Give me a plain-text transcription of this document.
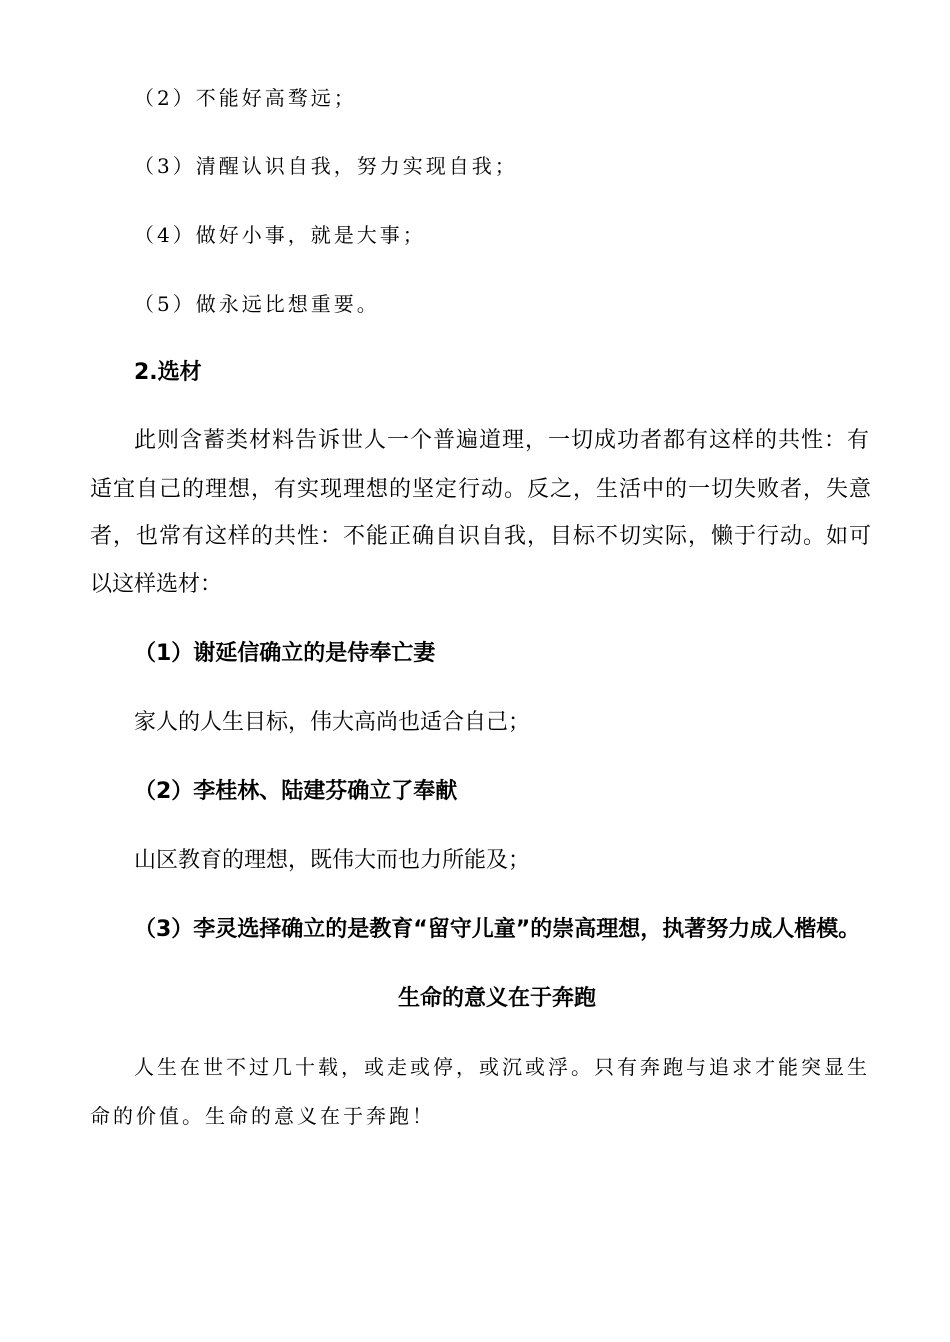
（2）不能好高骛远；
（3）清醒认识自我，努力实现自我；
（4）做好小事，就是大事；
（5）做永远比想重要。
2.选材
此则含蓄类材料告诉世人一个普遍道理，一切成功者都有这样的共性：有
适宜自己的理想，有实现理想的坚定行动。反之，生活中的一切失败者，失意
者，也常有这样的共性：不能正确自识自我，目标不切实际，懒于行动。如可
以这样选材：
（1）谢延信确立的是侍奉亡妻
家人的人生目标，伟大高尚也适合自己；
（2）李桂林、陆建芬确立了奉献
山区教育的理想，既伟大而也力所能及；
（3）李灵选择确立的是教育“留守儿童”的崇高理想，执著努力成人楷模。
生命的意义在于奔跑
人生在世不过几十载，或走或停，或沉或浮。只有奔跑与追求才能突显生
命的价值。生命的意义在于奔跑！
